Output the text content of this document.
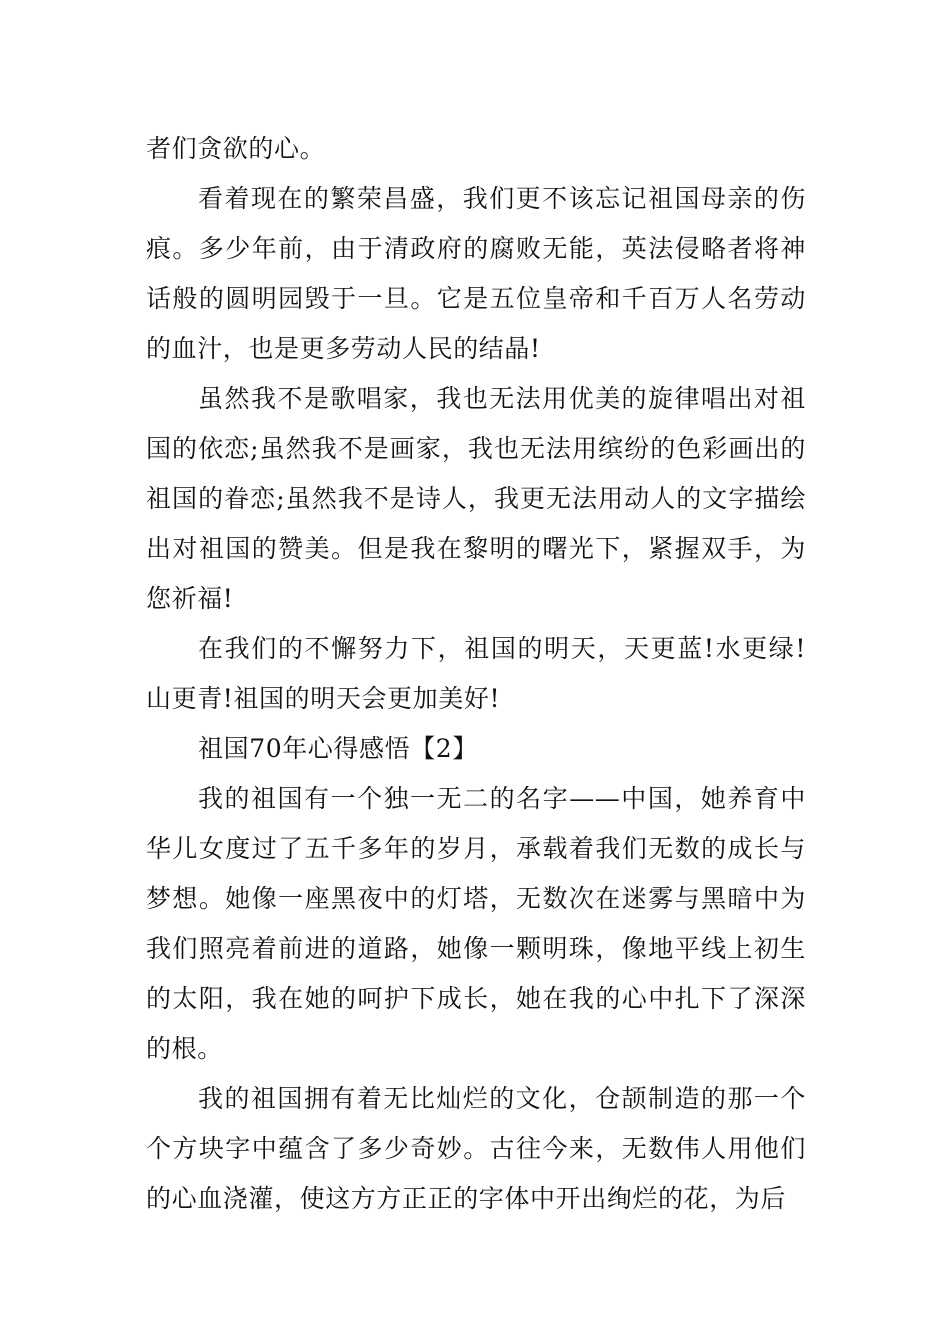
者们贪欲的心。

看着现在的繁荣昌盛，我们更不该忘记祖国母亲的伤痕。多少年前，由于清政府的腐败无能，英法侵略者将神话般的圆明园毁于一旦。它是五位皇帝和千百万人名劳动的血汁，也是更多劳动人民的结晶!

虽然我不是歌唱家，我也无法用优美的旋律唱出对祖国的依恋;虽然我不是画家，我也无法用缤纷的色彩画出的祖国的眷恋;虽然我不是诗人，我更无法用动人的文字描绘出对祖国的赞美。但是我在黎明的曙光下，紧握双手，为您祈福!

在我们的不懈努力下，祖国的明天，天更蓝!水更绿!山更青!祖国的明天会更加美好!

祖国70年心得感悟【2】

我的祖国有一个独一无二的名字——中国，她养育中华儿女度过了五千多年的岁月，承载着我们无数的成长与梦想。她像一座黑夜中的灯塔，无数次在迷雾与黑暗中为我们照亮着前进的道路，她像一颗明珠，像地平线上初生的太阳，我在她的呵护下成长，她在我的心中扎下了深深的根。

我的祖国拥有着无比灿烂的文化，仓颉制造的那一个个方块字中蕴含了多少奇妙。古往今来，无数伟人用他们的心血浇灌，使这方方正正的字体中开出绚烂的花，为后
